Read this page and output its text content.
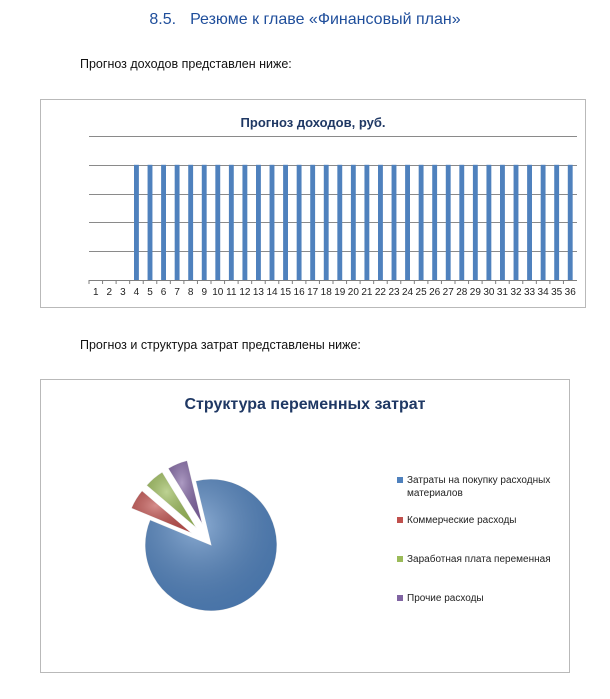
8.5. Резюме к главе «Финансовый план»
Прогноз доходов представлен ниже:
Прогноз доходов, руб.
1 2 3 4 5 6 7 8 9 10 11 12 13 14 15 16 17 18 19 20 21 22 23 24 25 26 27 28 29 30 31 32 33 34 35 36
Прогноз и структура затрат представлены ниже:
Структура переменных затрат
Затраты на покупку расходных материалов
Коммерческие расходы
Заработная плата переменная
Прочие расходы
